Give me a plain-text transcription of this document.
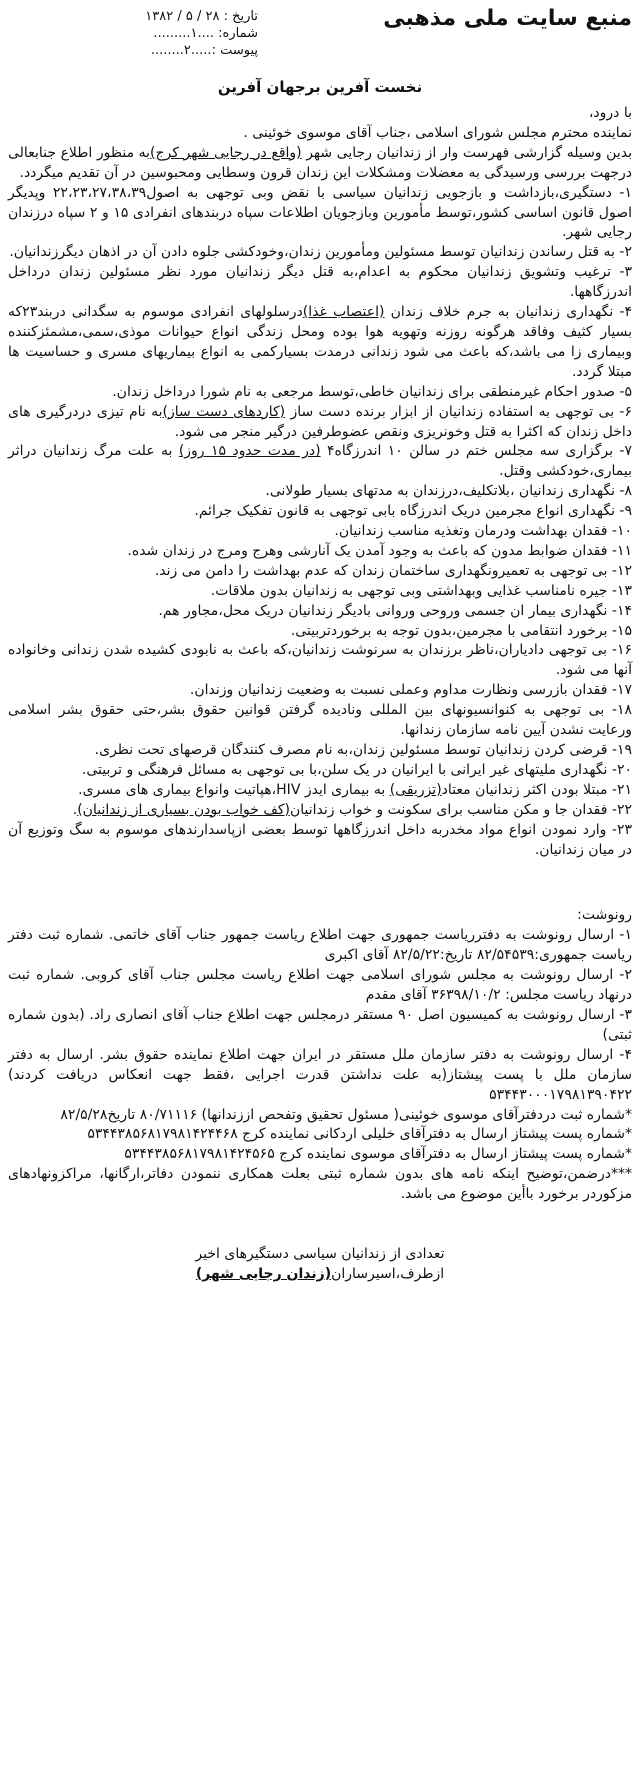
منبع سایت ملی مذهبی
تاریخ : ۲۸ / ۵ / ۱۳۸۲
شماره: ....۱.........
پیوست :.....۲........
نخست آفرین برجهان آفرین

با درود،

نماینده محترم مجلس شورای اسلامی ،جناب آقای موسوی خوئینی .

بدین وسیله گزارشی فهرست وار از زندانیان رجایی شهر (واقع در رجایی شهر کرج)به منظور اطلاع جنابعالی درجهت بررسی ورسیدگی به معضلات ومشکلات این زندان قرون وسطایی ومحبوسین در آن تقدیم میگردد.

۱- دستگیری،بازداشت و بازجویی زندانیان سیاسی با نقض وبی توجهی به اصول۲۲،۲۳،۲۷،۳۸،۳۹ وپدیگر اصول قانون اساسی کشور،توسط مأمورین وبازجویان اطلاعات سپاه دربندهای انفرادی ۱۵ و ۲ سپاه درزندان رجایی شهر.

۲- به قتل رساندن زندانیان توسط مسئولین ومأمورین زندان،وخودکشی جلوه دادن آن در اذهان دیگرزندانیان.

۳- ترغیب وتشویق زندانیان محکوم به اعدام،به قتل دیگر زندانیان مورد نظر مسئولین زندان درداخل اندرزگاهها.

۴- نگهداری زندانیان به جرم خلاف زندان (اعتصاب غذا)درسلولهای انفرادی موسوم به سگدانی دربند۲۳که بسیار کثیف وفاقد هرگونه روزنه وتهویه هوا بوده ومحل زندگی انواع حیوانات موذی،سمی،مشمئزکننده وبیماری زا می باشد،که باعث می شود زندانی درمدت بسیارکمی به انواع بیماریهای مسری و حساسیت ها مبتلا گردد.

۵- صدور احکام غیرمنطقی برای زندانیان خاطی،توسط مرجعی به نام شورا درداخل زندان.

۶- بی توجهی به استفاده زندانیان از ابزار برنده دست ساز (کاردهای دست ساز)به نام تیزی درد‌رگیری های داخل زندان که اکثرا به قتل وخونریزی ونقص عضوطرفین درگیر منجر می شود.

۷- برگزاری سه مجلس ختم در سالن ۱۰ اندرزگاه۴ (در مدت حدود ۱۵ روز) به علت مرگ زندانیان دراثر بیماری،خودکشی وقتل.

۸- نگهداری زندانیان ،بلاتکلیف،درزندان به مدتهای بسیار طولانی.

۹- نگهداری انواع مجرمین دریک اندرزگاه بابی توجهی به قانون تفکیک جرائم.

۱۰- فقدان بهداشت ودرمان وتغذیه مناسب زندانیان.

۱۱- فقدان ضوابط مدون که باعث به وجود آمدن یک آنارشی وهرج ومرج در زندان شده.

۱۲- بی توجهی به تعمیرونگهداری ساختمان زندان که عدم بهداشت را دامن می زند.

۱۳- جیره نامناسب غذایی وبهداشتی وبی توجهی به زندانیان بدون ملاقات.

۱۴- نگهداری بیمار ان جسمی وروحی وروانی بادیگر زندانیان دریک محل،مجاور هم.

۱۵- برخورد انتقامی با مجرمین،بدون توجه به برخوردتربیتی.

۱۶- بی توجهی دادیاران،ناظر برزندان به سرنوشت زندانیان،که باعث به نابودی کشیده شدن زندانی وخانواده آنها می شود.

۱۷- فقدان بازرسی ونظارت مداوم وعملی نسبت به وضعیت زندانیان وزندان.

۱۸- بی توجهی به کنوانسیونهای بین المللی ونادیده گرفتن قوانین حقوق بشر،حتی حقوق بشر اسلامی ورعایت نشدن آیین نامه سازمان زندانها.

۱۹- قرضی کردن زندانیان توسط مسئولین زندان،به نام مصرف کنندگان قرصهای تحت نظری.

۲۰- نگهداری ملیتهای غیر ایرانی با ایرانیان در یک سلن،با بی توجهی به مسائل فرهنگی و تربیتی.

۲۱- مبتلا بودن اکثر زندانیان معتاد(تزریقی) به بیماری ایدز HIV،هپاتیت وانواع بیماری های مسری.

۲۲- فقدان جا و مکن مناسب برای سکونت و خواب زندانیان(کف خواب بودن بسیاری از زندانیان).

۲۳- وارد نمودن انواع مواد مخدربه داخل اندرزگاهها توسط بعضی ازپاسدارندهای موسوم به سگ وتوزیع آن در میان زندانیان.

رونوشت:

۱- ارسال رونوشت به دفترریاست جمهوری جهت اطلاع ریاست جمهور جناب آقای خاتمی. شماره ثبت دفتر ریاست جمهوری:۸۲/۵۴۵۳۹ تاریخ:۸۲/۵/۲۲ آقای اکبری

۲- ارسال رونوشت به مجلس شورای اسلامی جهت اطلاع ریاست مجلس جناب آقای کروبی. شماره ثبت درنهاد ریاست مجلس: ۳۶۳۹۸/۱۰/۲ آقای مقدم

۳- ارسال رونوشت به کمیسیون اصل ۹۰ مستقر درمجلس جهت اطلاع جناب آقای انصاری راد. (بدون شماره ثبتی)

۴- ارسال رونوشت به دفتر سازمان ملل مستقر در ایران جهت اطلاع نماینده حقوق بشر. ارسال به دفتر سازمان ملل با پست پیشتاز(به علت نداشتن قدرت اجرایی ،فقط جهت انعکاس دریافت کردند) ۵۳۴۴۳۰۰۰۱۷۹۸۱۳۹۰۴۲۲

*شماره ثبت دردفترآقای موسوی خوئینی( مسئول تحقیق وتفحص اززندانها) ۸۰/۷۱۱۱۶ تاریخ۸۲/۵/۲۸

*شماره پست پیشتاز ارسال به دفترآقای خلیلی اردکانی نماینده کرج ۵۳۴۴۳۸۵۶۸۱۷۹۸۱۴۲۴۴۶۸

*شماره پست پیشتاز ارسال به دفترآقای موسوی نماینده کرج ۵۳۴۴۳۸۵۶۸۱۷۹۸۱۴۲۴۵۶۵

***درضمن،توضیح اینکه نامه های بدون شماره ثبتی بعلت همکاری ننمودن دفاتر،ارگانها، مراکزونهادهای مزکوردر برخورد باأین موضوع می باشد.

تعدادی از زندانیان سیاسی دستگیرهای اخیر

ازطرف،اسیرساران(زندان رجایی شهر)
